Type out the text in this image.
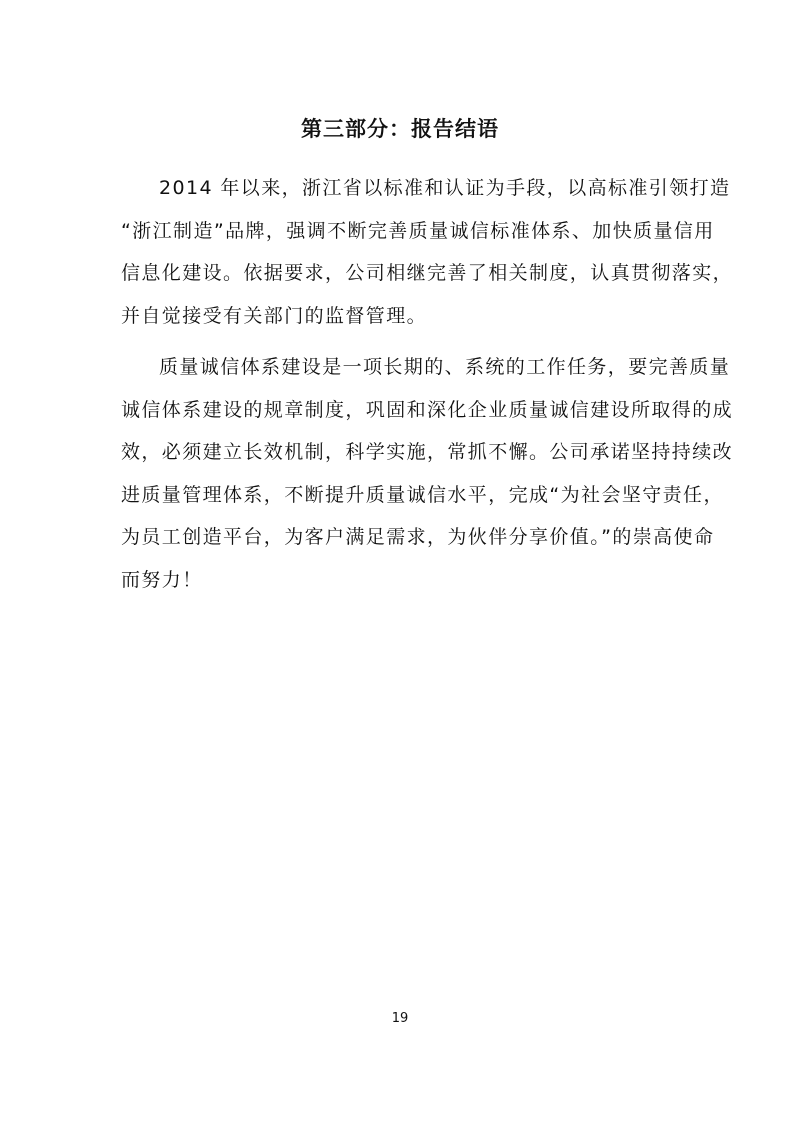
第三部分：报告结语

2014 年以来，浙江省以标准和认证为手段，以高标准引领打造
“浙江制造”品牌，强调不断完善质量诚信标准体系、加快质量信用
信息化建设。依据要求，公司相继完善了相关制度，认真贯彻落实，
并自觉接受有关部门的监督管理。

质量诚信体系建设是一项长期的、系统的工作任务，要完善质量
诚信体系建设的规章制度，巩固和深化企业质量诚信建设所取得的成
效，必须建立长效机制，科学实施，常抓不懈。公司承诺坚持持续改
进质量管理体系，不断提升质量诚信水平，完成“为社会坚守责任，
为员工创造平台，为客户满足需求，为伙伴分享价值。”的崇高使命
而努力！

19
